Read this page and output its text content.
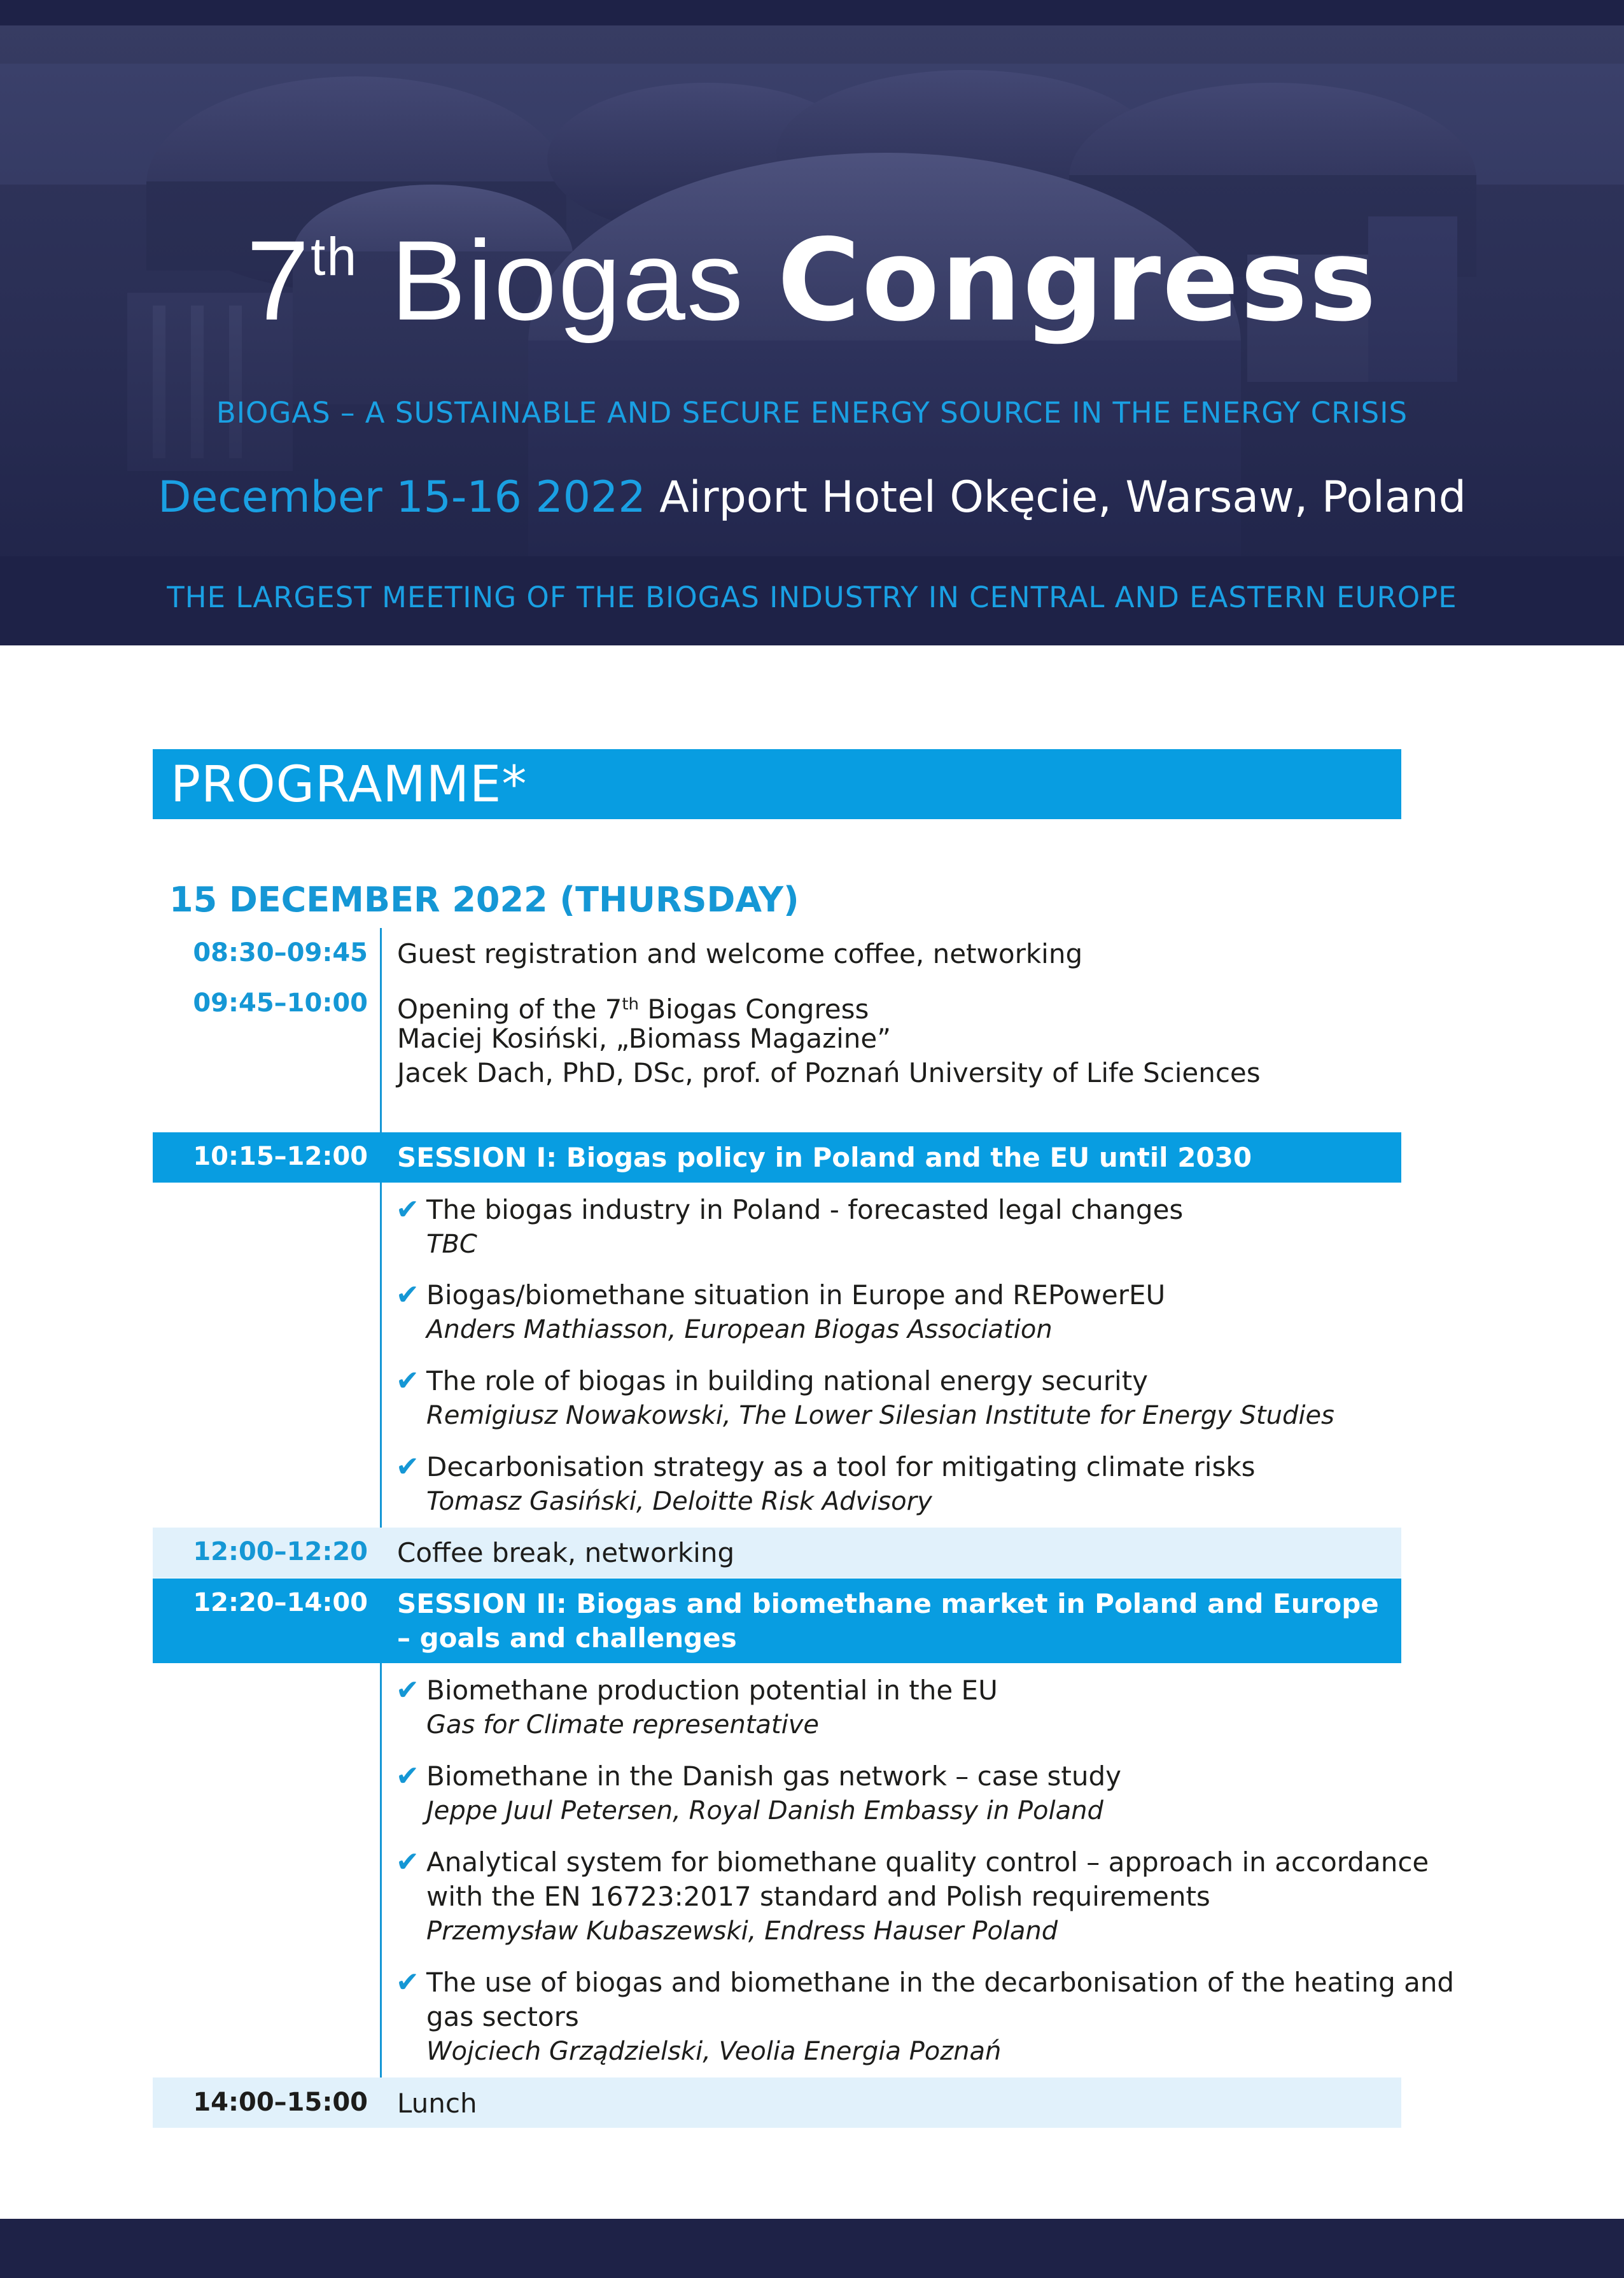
7th Biogas Congress
BIOGAS – A SUSTAINABLE AND SECURE ENERGY SOURCE IN THE ENERGY CRISIS
December 15-16 2022 Airport Hotel Okęcie, Warsaw, Poland
THE LARGEST MEETING OF THE BIOGAS INDUSTRY IN CENTRAL AND EASTERN EUROPE
PROGRAMME*
15 DECEMBER 2022 (THURSDAY)
08:30–09:45 Guest registration and welcome coffee, networking
09:45–10:00 Opening of the 7th Biogas Congress
Maciej Kosiński, „Biomass Magazine”
Jacek Dach, PhD, DSc, prof. of Poznań University of Life Sciences
10:15–12:00 SESSION I: Biogas policy in Poland and the EU until 2030
✔ The biogas industry in Poland - forecasted legal changes
TBC
✔ Biogas/biomethane situation in Europe and REPowerEU
Anders Mathiasson, European Biogas Association
✔ The role of biogas in building national energy security
Remigiusz Nowakowski, The Lower Silesian Institute for Energy Studies
✔ Decarbonisation strategy as a tool for mitigating climate risks
Tomasz Gasiński, Deloitte Risk Advisory
12:00–12:20 Coffee break, networking
12:20–14:00 SESSION II: Biogas and biomethane market in Poland and Europe
– goals and challenges
✔ Biomethane production potential in the EU
Gas for Climate representative
✔ Biomethane in the Danish gas network – case study
Jeppe Juul Petersen, Royal Danish Embassy in Poland
✔ Analytical system for biomethane quality control – approach in accordance
with the EN 16723:2017 standard and Polish requirements
Przemysław Kubaszewski, Endress Hauser Poland
✔ The use of biogas and biomethane in the decarbonisation of the heating and
gas sectors
Wojciech Grządzielski, Veolia Energia Poznań
14:00–15:00 Lunch
